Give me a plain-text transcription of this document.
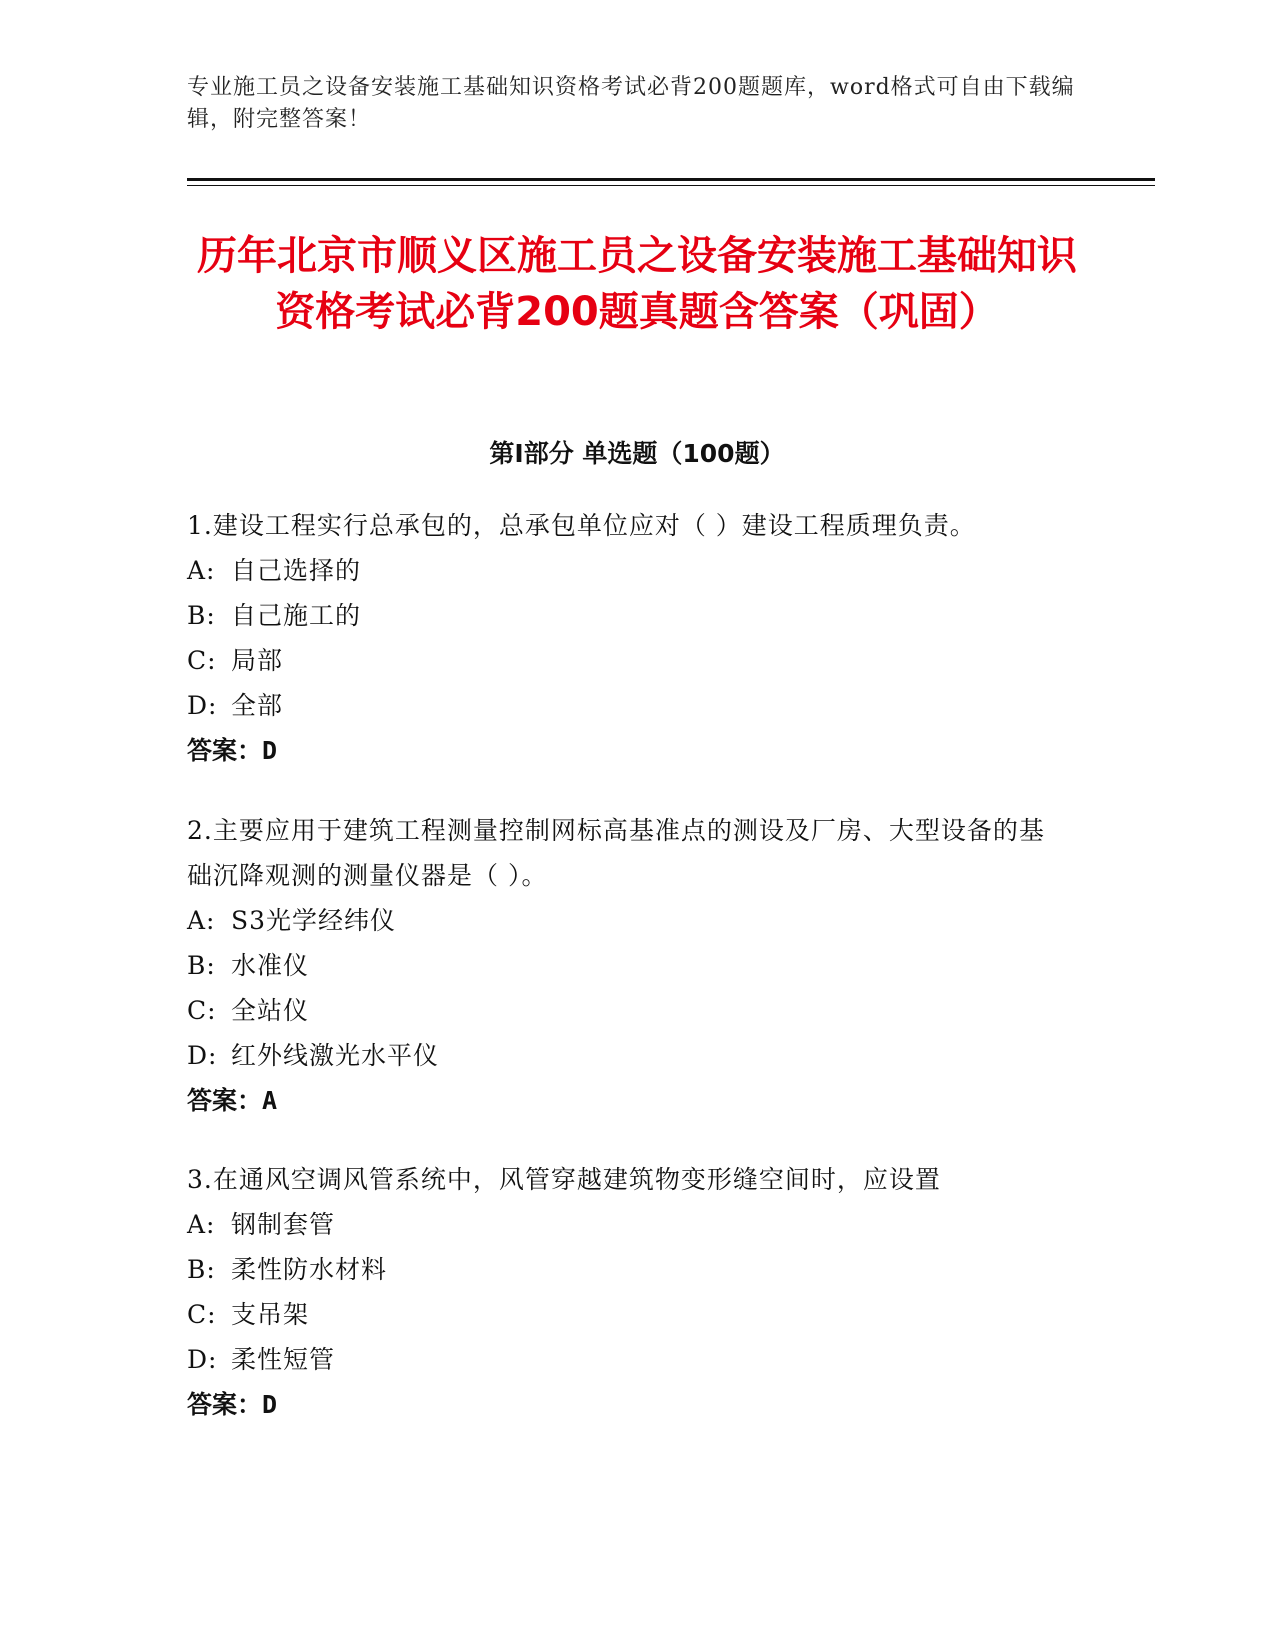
专业施工员之设备安装施工基础知识资格考试必背200题题库，word格式可自由下载编辑，附完整答案！
历年北京市顺义区施工员之设备安装施工基础知识资格考试必背200题真题含答案（巩固）
第Ⅰ部分 单选题（100题）
1.建设工程实行总承包的，总承包单位应对（ ）建设工程质理负责。
A: 自己选择的
B: 自己施工的
C: 局部
D: 全部
答案：D
2.主要应用于建筑工程测量控制网标高基准点的测设及厂房、大型设备的基础沉降观测的测量仪器是（ ）。
A: S3光学经纬仪
B: 水准仪
C: 全站仪
D: 红外线激光水平仪
答案：A
3.在通风空调风管系统中，风管穿越建筑物变形缝空间时，应设置
A: 钢制套管
B: 柔性防水材料
C: 支吊架
D: 柔性短管
答案：D
